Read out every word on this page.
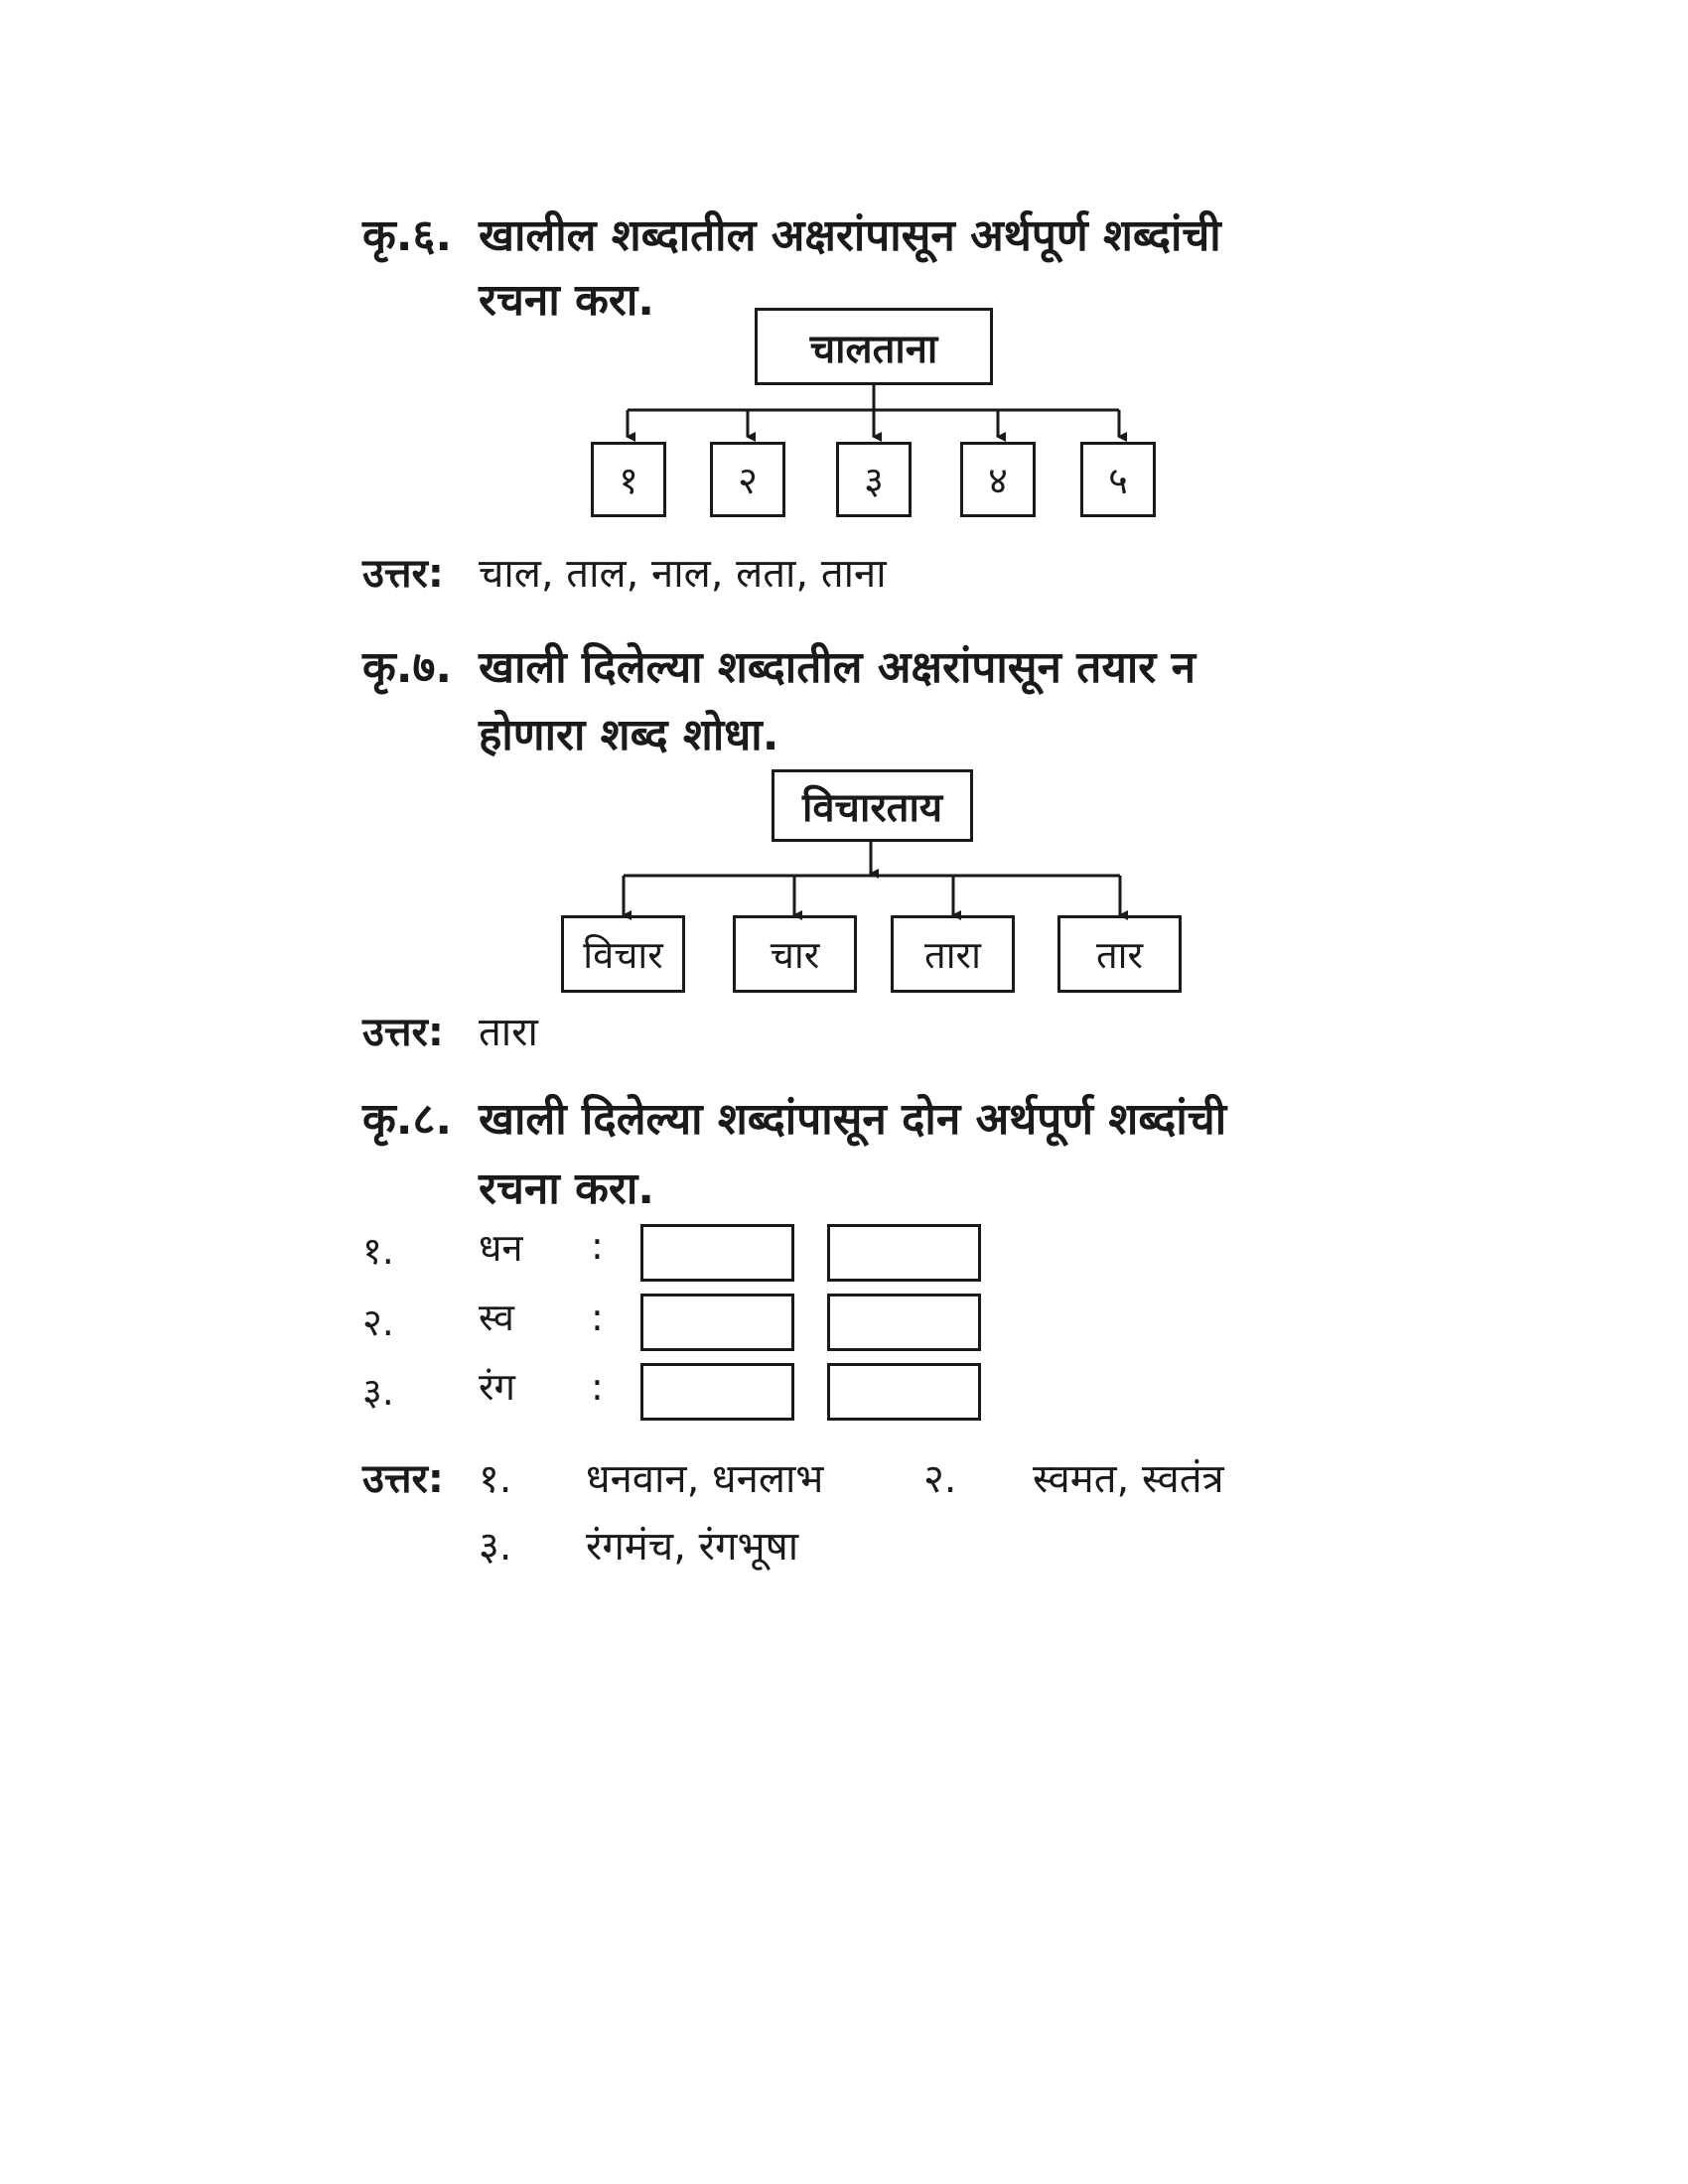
कृ.६. खालील शब्दातील अक्षरांपासून अर्थपूर्ण शब्दांची
रचना करा.
चालताना
१	२	३	४	५
उत्तर: चाल, ताल, नाल, लता, ताना
कृ.७. खाली दिलेल्या शब्दातील अक्षरांपासून तयार न
होणारा शब्द शोधा.
विचारताय
विचार	चार	तारा	तार
उत्तर: तारा
कृ.८. खाली दिलेल्या शब्दांपासून दोन अर्थपूर्ण शब्दांची
रचना करा.
१. धन :
२. स्व :
३. रंग :
उत्तर: १. धनवान, धनलाभ	२. स्वमत, स्वतंत्र
३. रंगमंच, रंगभूषा
